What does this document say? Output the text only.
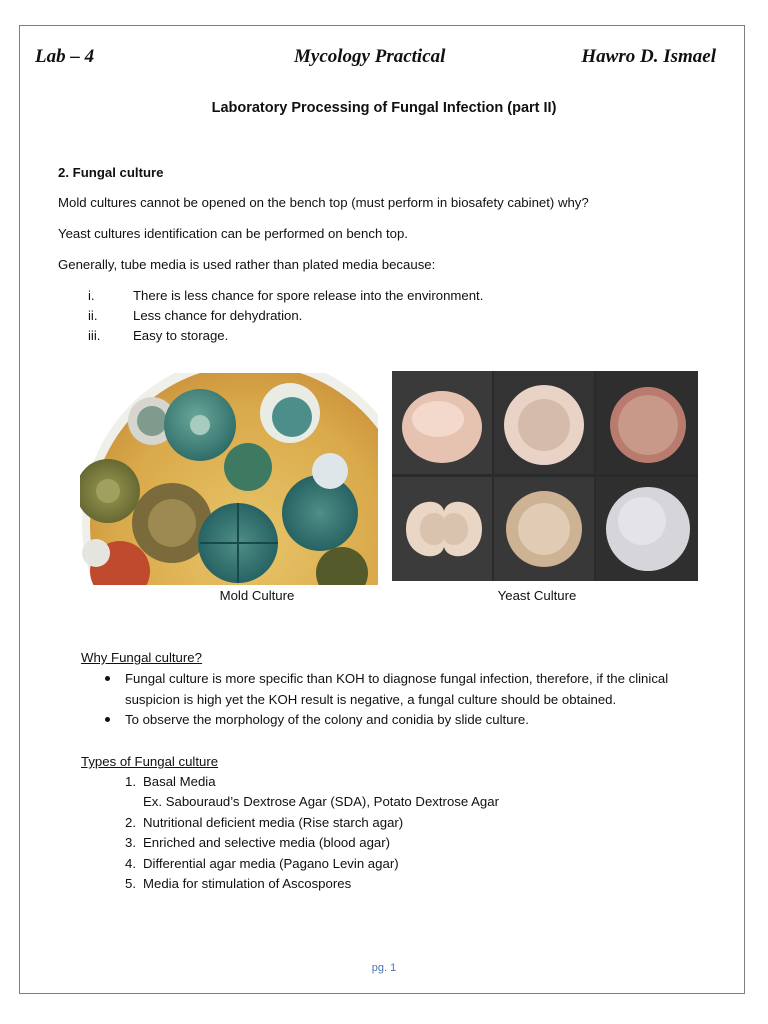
Lab – 4	Mycology Practical	Hawro D. Ismael
Laboratory Processing of Fungal Infection (part II)
2. Fungal culture
Mold cultures cannot be opened on the bench top (must perform in biosafety cabinet) why?
Yeast cultures identification can be performed on bench top.
Generally, tube media is used rather than plated media because:
i.	There is less chance for spore release into the environment.
ii.	Less chance for dehydration.
iii. Easy to storage.
Mold Culture	Yeast Culture
Why Fungal culture?
Fungal culture is more specific than KOH to diagnose fungal infection, therefore, if the clinical
suspicion is high yet the KOH result is negative, a fungal culture should be obtained.
To observe the morphology of the colony and conidia by slide culture.
Types of Fungal culture
1. Basal Media
Ex. Sabouraud’s Dextrose Agar (SDA), Potato Dextrose Agar
2. Nutritional deficient media (Rise starch agar)
3. Enriched and selective media (blood agar)
4. Differential agar media (Pagano Levin agar)
5. Media for stimulation of Ascospores
pg. 1
